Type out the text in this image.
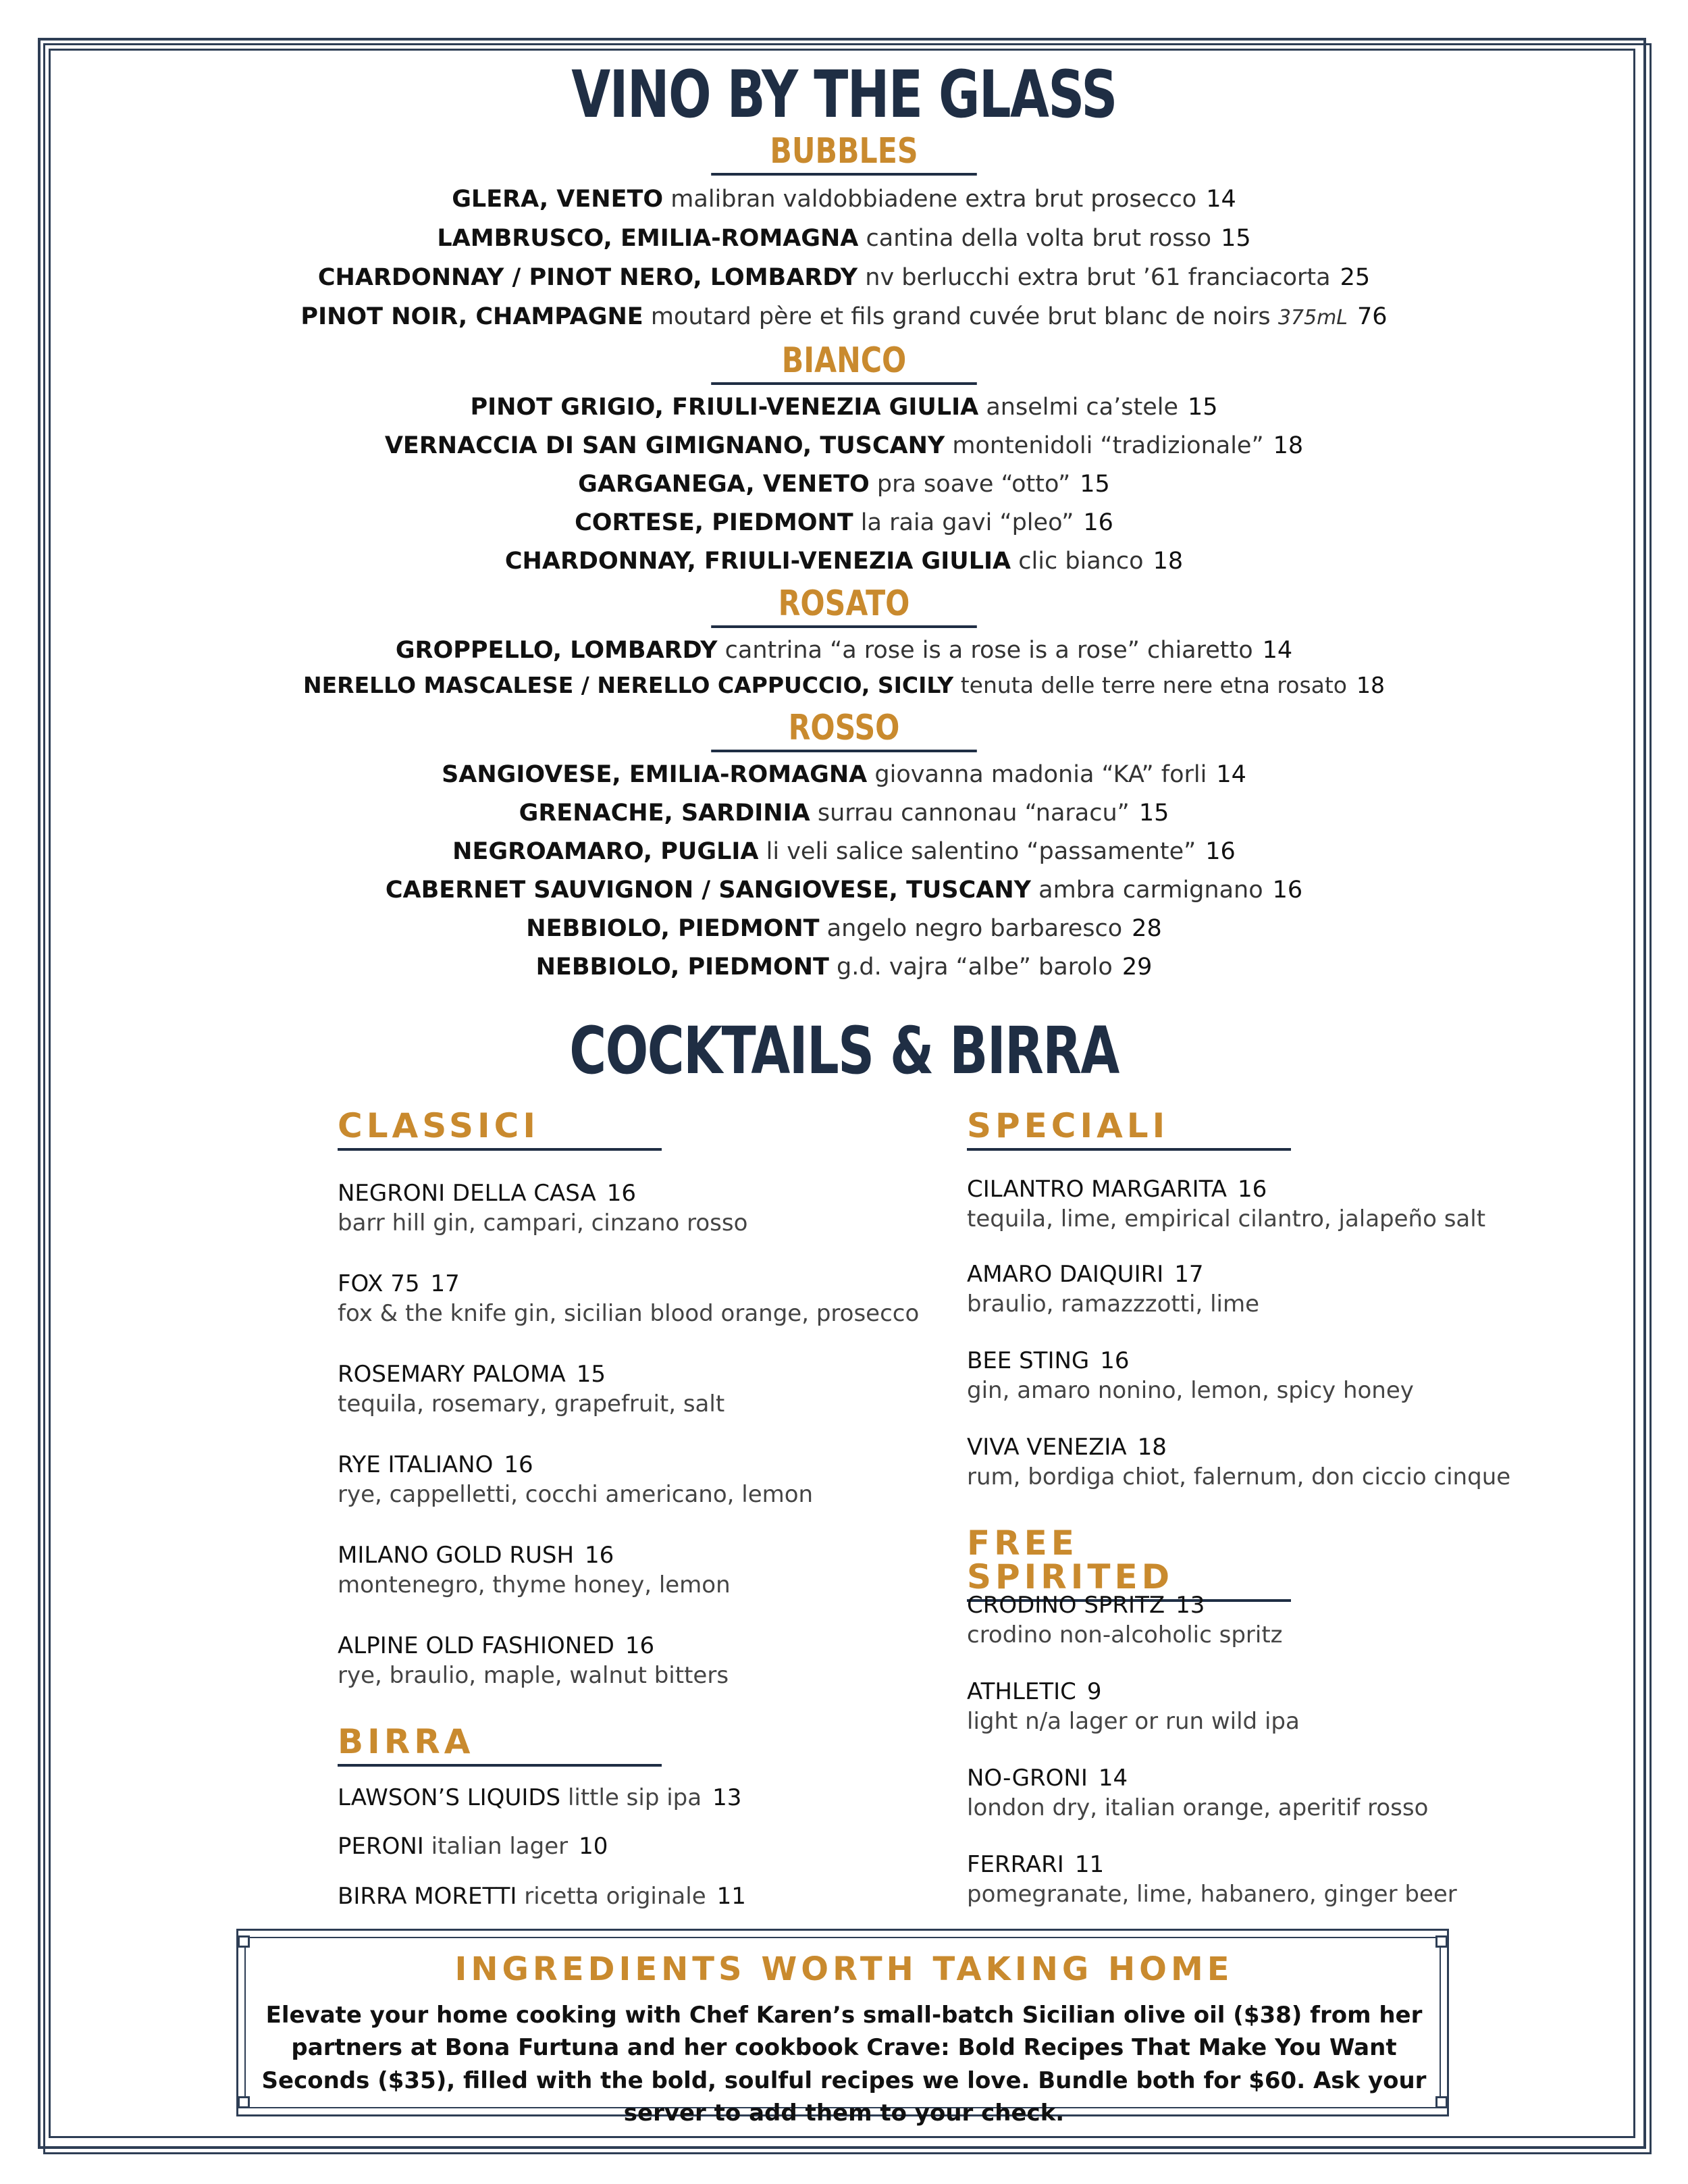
VINO BY THE GLASS
BUBBLES
GLERA, VENETO malibran valdobbiadene extra brut prosecco 14
LAMBRUSCO, EMILIA-ROMAGNA cantina della volta brut rosso 15
CHARDONNAY / PINOT NERO, LOMBARDY nv berlucchi extra brut ’61 franciacorta 25
PINOT NOIR, CHAMPAGNE moutard père et fils grand cuvée brut blanc de noirs 375mL 76
BIANCO
PINOT GRIGIO, FRIULI-VENEZIA GIULIA anselmi ca’stele 15
VERNACCIA DI SAN GIMIGNANO, TUSCANY montenidoli “tradizionale” 18
GARGANEGA, VENETO pra soave “otto” 15
CORTESE, PIEDMONT la raia gavi “pleo” 16
CHARDONNAY, FRIULI-VENEZIA GIULIA clic bianco 18
ROSATO
GROPPELLO, LOMBARDY cantrina “a rose is a rose is a rose” chiaretto 14
NERELLO MASCALESE / NERELLO CAPPUCCIO, SICILY tenuta delle terre nere etna rosato 18
ROSSO
SANGIOVESE, EMILIA-ROMAGNA giovanna madonia “KA” forli 14
GRENACHE, SARDINIA surrau cannonau “naracu” 15
NEGROAMARO, PUGLIA li veli salice salentino “passamente” 16
CABERNET SAUVIGNON / SANGIOVESE, TUSCANY ambra carmignano 16
NEBBIOLO, PIEDMONT angelo negro barbaresco 28
NEBBIOLO, PIEDMONT g.d. vajra “albe” barolo 29
COCKTAILS & BIRRA
CLASSICI
NEGRONI DELLA CASA 16
barr hill gin, campari, cinzano rosso
FOX 75 17
fox & the knife gin, sicilian blood orange, prosecco
ROSEMARY PALOMA 15
tequila, rosemary, grapefruit, salt
RYE ITALIANO 16
rye, cappelletti, cocchi americano, lemon
MILANO GOLD RUSH 16
montenegro, thyme honey, lemon
ALPINE OLD FASHIONED 16
rye, braulio, maple, walnut bitters
BIRRA
LAWSON’S LIQUIDS little sip ipa 13
PERONI italian lager 10
BIRRA MORETTI ricetta originale 11
SPECIALI
CILANTRO MARGARITA 16
tequila, lime, empirical cilantro, jalapeño salt
AMARO DAIQUIRI 17
braulio, ramazzzotti, lime
BEE STING 16
gin, amaro nonino, lemon, spicy honey
VIVA VENEZIA 18
rum, bordiga chiot, falernum, don ciccio cinque
FREE SPIRITED
CRODINO SPRITZ 13
crodino non-alcoholic spritz
ATHLETIC 9
light n/a lager or run wild ipa
NO-GRONI 14
london dry, italian orange, aperitif rosso
FERRARI 11
pomegranate, lime, habanero, ginger beer
INGREDIENTS WORTH TAKING HOME
Elevate your home cooking with Chef Karen’s small-batch Sicilian olive oil ($38) from her partners at Bona Furtuna and her cookbook Crave: Bold Recipes That Make You Want Seconds ($35), filled with the bold, soulful recipes we love. Bundle both for $60. Ask your server to add them to your check.
